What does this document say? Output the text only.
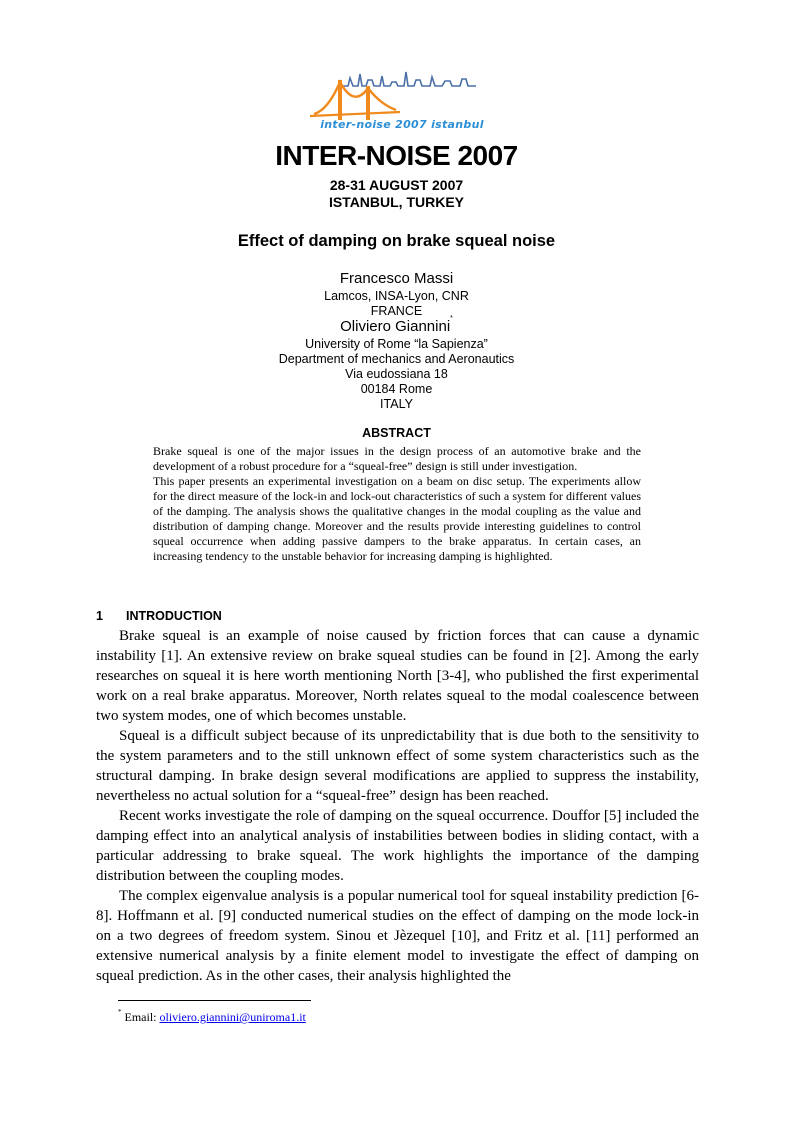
inter-noise 2007 istanbul
INTER-NOISE 2007
28-31 AUGUST 2007
ISTANBUL, TURKEY
Effect of damping on brake squeal noise
Francesco Massi
Lamcos, INSA-Lyon, CNR
FRANCE
Oliviero Giannini*
University of Rome “la Sapienza”
Department of mechanics and Aeronautics
Via eudossiana 18
00184 Rome
ITALY
ABSTRACT

Brake squeal is one of the major issues in the design process of an automotive brake and the development of a robust procedure for a “squeal-free” design is still under investigation.

This paper presents an experimental investigation on a beam on disc setup. The experiments allow for the direct measure of the lock-in and lock-out characteristics of such a system for different values of the damping. The analysis shows the qualitative changes in the modal coupling as the value and distribution of damping change. Moreover and the results provide interesting guidelines to control squeal occurrence when adding passive dampers to the brake apparatus. In certain cases, an increasing tendency to the unstable behavior for increasing damping is highlighted.

1 INTRODUCTION

Brake squeal is an example of noise caused by friction forces that can cause a dynamic instability [1]. An extensive review on brake squeal studies can be found in [2]. Among the early researches on squeal it is here worth mentioning North [3-4], who published the first experimental work on a real brake apparatus. Moreover, North relates squeal to the modal coalescence between two system modes, one of which becomes unstable.

Squeal is a difficult subject because of its unpredictability that is due both to the sensitivity to the system parameters and to the still unknown effect of some system characteristics such as the structural damping. In brake design several modifications are applied to suppress the instability, nevertheless no actual solution for a “squeal-free” design has been reached.

Recent works investigate the role of damping on the squeal occurrence. Douffor [5] included the damping effect into an analytical analysis of instabilities between bodies in sliding contact, with a particular addressing to brake squeal. The work highlights the importance of the damping distribution between the coupling modes.

The complex eigenvalue analysis is a popular numerical tool for squeal instability prediction [6-8]. Hoffmann et al. [9] conducted numerical studies on the effect of damping on the mode lock-in on a two degrees of freedom system. Sinou et Jèzequel [10], and Fritz et al. [11] performed an extensive numerical analysis by a finite element model to investigate the effect of damping on squeal prediction. As in the other cases, their analysis highlighted the

* Email: oliviero.giannini@uniroma1.it
